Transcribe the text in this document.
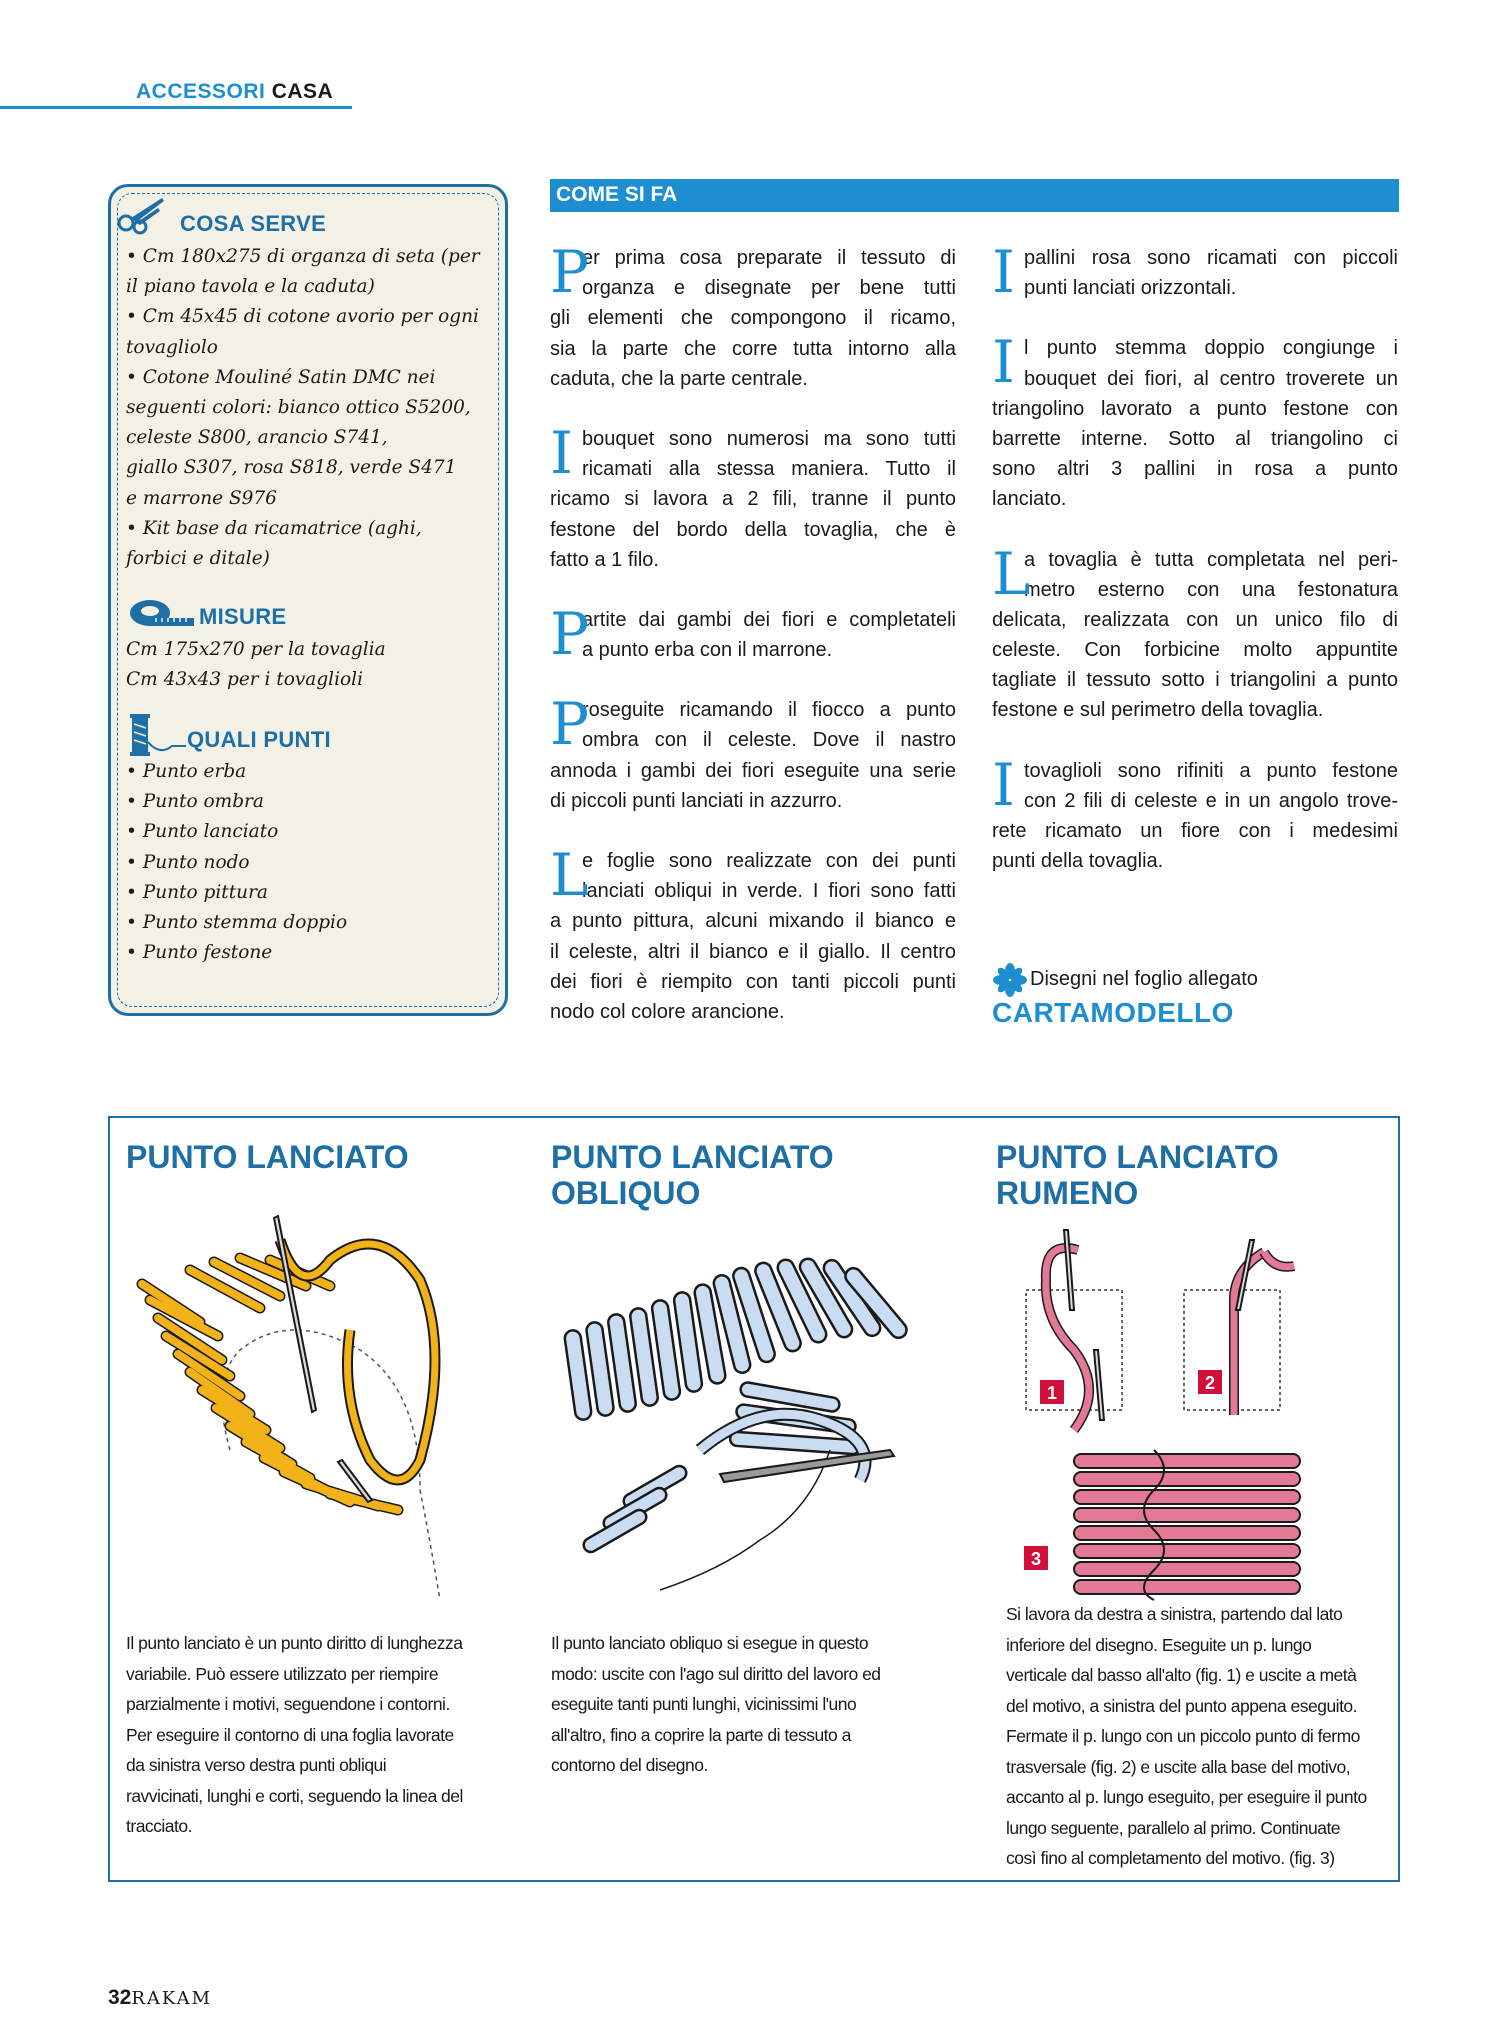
ACCESSORI CASA
COSA SERVE
• Cm 180x275 di organza di seta (per
il piano tavola e la caduta)
• Cm 45x45 di cotone avorio per ogni
tovagliolo
• Cotone Mouliné Satin DMC nei
seguenti colori: bianco ottico S5200,
celeste S800, arancio S741,
giallo S307, rosa S818, verde S471
e marrone S976
• Kit base da ricamatrice (aghi,
forbici e ditale)
MISURE
Cm 175x270 per la tovaglia
Cm 43x43 per i tovaglioli
QUALI PUNTI
• Punto erba
• Punto ombra
• Punto lanciato
• Punto nodo
• Punto pittura
• Punto stemma doppio
• Punto festone
COME SI FA
P
er prima cosa preparate il tessuto di
organza e disegnate per bene tutti
gli elementi che compongono il ricamo,
sia la parte che corre tutta intorno alla
caduta, che la parte centrale.
I bouquet sono numerosi ma sono tutti
ricamati alla stessa maniera. Tutto il
ricamo si lavora a 2 fili, tranne il punto
festone del bordo della tovaglia, che è
fatto a 1 filo.
P
artite dai gambi dei fiori e completateli
a punto erba con il marrone.
P
roseguite ricamando il fiocco a punto
ombra con il celeste. Dove il nastro
annoda i gambi dei fiori eseguite una serie
di piccoli punti lanciati in azzurro.
L
e foglie sono realizzate con dei punti
lanciati obliqui in verde. I fiori sono fatti
a punto pittura, alcuni mixando il bianco e
il celeste, altri il bianco e il giallo. Il centro
dei fiori è riempito con tanti piccoli punti
nodo col colore arancione.
I pallini rosa sono ricamati con piccoli
punti lanciati orizzontali.
I l punto stemma doppio congiunge i
bouquet dei fiori, al centro troverete un
triangolino lavorato a punto festone con
barrette interne. Sotto al triangolino ci
sono altri 3 pallini in rosa a punto
lanciato.
L
a tovaglia è tutta completata nel peri-
metro esterno con una festonatura
delicata, realizzata con un unico filo di
celeste. Con forbicine molto appuntite
tagliate il tessuto sotto i triangolini a punto
festone e sul perimetro della tovaglia.
I tovaglioli sono rifiniti a punto festone
con 2 fili di celeste e in un angolo trove-
rete ricamato un fiore con i medesimi
punti della tovaglia.
Disegni nel foglio allegato
CARTAMODELLO
PUNTO LANCIATO
Il punto lanciato è un punto diritto di lunghezza
variabile. Può essere utilizzato per riempire
parzialmente i motivi, seguendone i contorni.
Per eseguire il contorno di una foglia lavorate
da sinistra verso destra punti obliqui
ravvicinati, lunghi e corti, seguendo la linea del
tracciato.
PUNTO LANCIATO
OBLIQUO
Il punto lanciato obliquo si esegue in questo
modo: uscite con l'ago sul diritto del lavoro ed
eseguite tanti punti lunghi, vicinissimi l'uno
all'altro, fino a coprire la parte di tessuto a
contorno del disegno.
PUNTO LANCIATO
RUMENO
1	2
3
Si lavora da destra a sinistra, partendo dal lato
inferiore del disegno. Eseguite un p. lungo
verticale dal basso all'alto (fig. 1) e uscite a metà
del motivo, a sinistra del punto appena eseguito.
Fermate il p. lungo con un piccolo punto di fermo
trasversale (fig. 2) e uscite alla base del motivo,
accanto al p. lungo eseguito, per eseguire il punto
lungo seguente, parallelo al primo. Continuate
così fino al completamento del motivo. (fig. 3)
32RAKAM
